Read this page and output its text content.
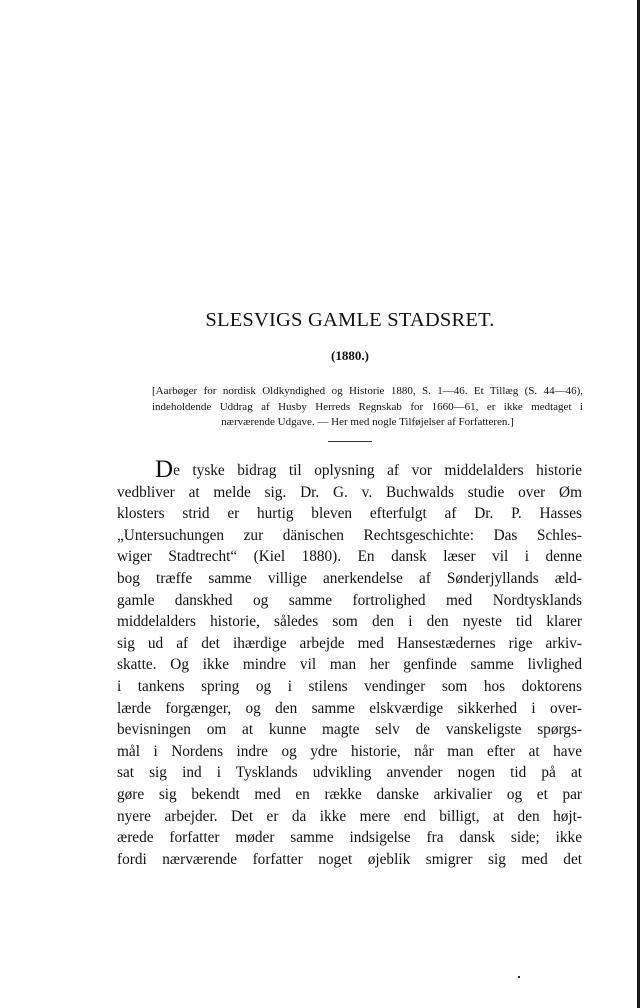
SLESVIGS GAMLE STADSRET.
(1880.)
[Aarbøger for nordisk Oldkyndighed og Historie 1880, S. 1—46. Et Tillæg (S. 44—46),
indeholdende Uddrag af Husby Herreds Regnskab for 1660—61, er ikke medtaget i
nærværende Udgave. — Her med nogle Tilføjelser af Forfatteren.]
De tyske bidrag til oplysning af vor middelalders historie
vedbliver at melde sig. Dr. G. v. Buchwalds studie over Øm
klosters strid er hurtig bleven efterfulgt af Dr. P. Hasses
„Untersuchungen zur dänischen Rechtsgeschichte: Das Schles-
wiger Stadtrecht“ (Kiel 1880). En dansk læser vil i denne
bog træffe samme villige anerkendelse af Sønderjyllands æld-
gamle danskhed og samme fortrolighed med Nordtysklands
middelalders historie, således som den i den nyeste tid klarer
sig ud af det ihærdige arbejde med Hansestædernes rige arkiv-
skatte. Og ikke mindre vil man her genfinde samme livlighed
i tankens spring og i stilens vendinger som hos doktorens
lærde forgænger, og den samme elskværdige sikkerhed i over-
bevisningen om at kunne magte selv de vanskeligste spørgs-
mål i Nordens indre og ydre historie, når man efter at have
sat sig ind i Tysklands udvikling anvender nogen tid på at
gøre sig bekendt med en række danske arkivalier og et par
nyere arbejder. Det er da ikke mere end billigt, at den højt-
ærede forfatter møder samme indsigelse fra dansk side; ikke
fordi nærværende forfatter noget øjeblik smigrer sig med det
